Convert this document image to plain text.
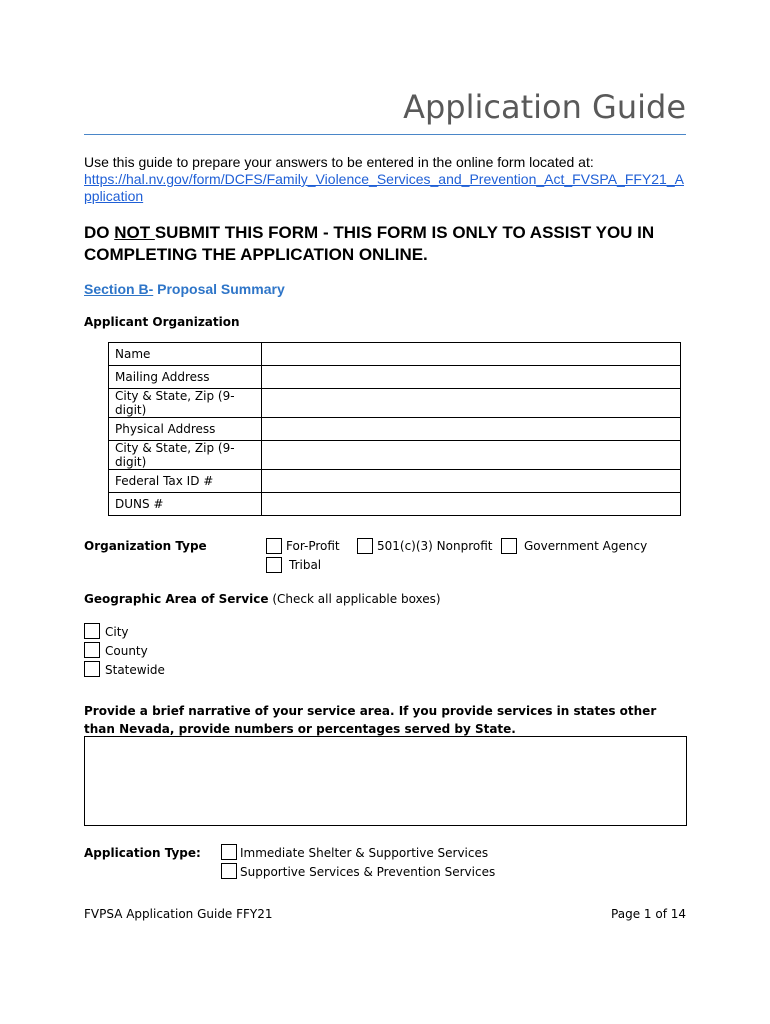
Application Guide
Use this guide to prepare your answers to be entered in the online form located at:
https://hal.nv.gov/form/DCFS/Family_Violence_Services_and_Prevention_Act_FVSPA_FFY21_Application
DO NOT SUBMIT THIS FORM - THIS FORM IS ONLY TO ASSIST YOU IN COMPLETING THE APPLICATION ONLINE.
Section B- Proposal Summary
Applicant Organization
Name	
Mailing Address	
City & State, Zip (9-digit)	
Physical Address	
City & State, Zip (9-digit)	
Federal Tax ID #	
DUNS #	
Organization Type	For-Profit	501(c)(3) Nonprofit	Government Agency
Tribal
Geographic Area of Service (Check all applicable boxes)
City
County
Statewide
Provide a brief narrative of your service area. If you provide services in states other than Nevada, provide numbers or percentages served by State.
Application Type:	Immediate Shelter & Supportive Services
Supportive Services & Prevention Services
FVPSA Application Guide FFY21	Page 1 of 14
